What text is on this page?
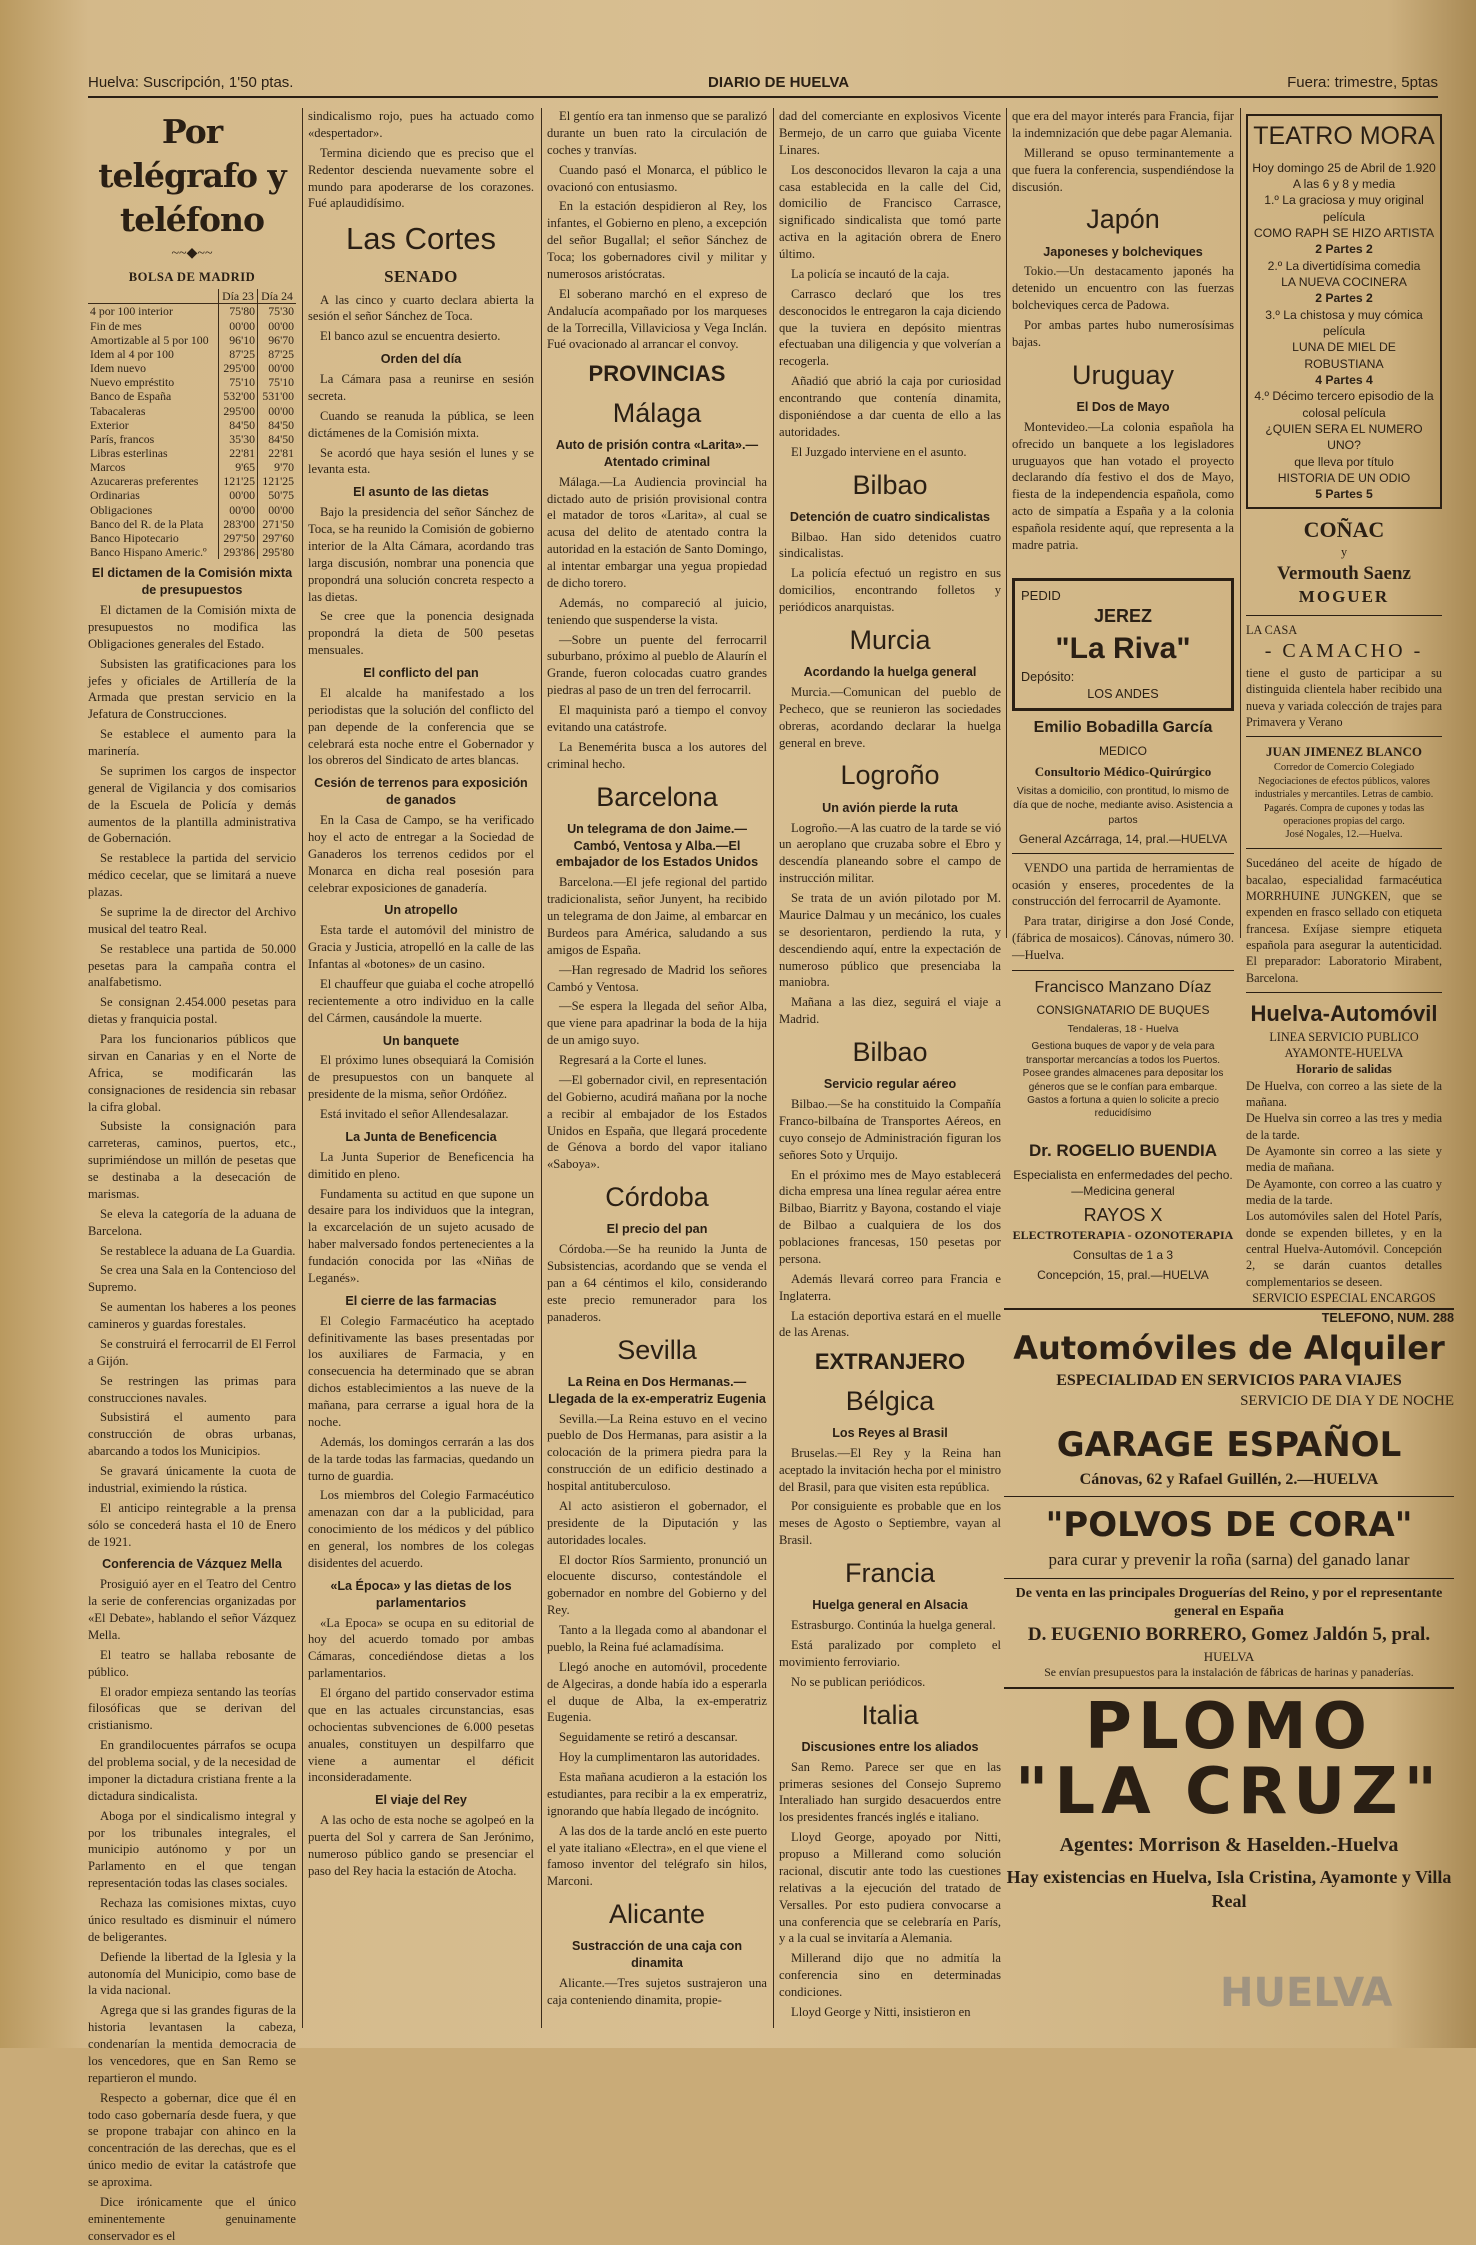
Huelva: Suscripción, 1'50 ptas.	DIARIO DE HUELVA	Fuera: trimestre, 5ptas
Por telégrafo y teléfono
~~◆~~
BOLSA DE MADRID
	Día 23	Día 24
4 por 100 interior	75'80	75'30
Fin de mes	00'00	00'00
Amortizable al 5 por 100	96'10	96'70
Idem al 4 por 100	87'25	87'25
Idem nuevo	295'00	00'00
Nuevo empréstito	75'10	75'10
Banco de España	532'00	531'00
Tabacaleras	295'00	00'00
Exterior	84'50	84'50
París, francos	35'30	84'50
Libras esterlinas	22'81	22'81
Marcos	9'65	9'70
Azucareras preferentes	121'25	121'25
Ordinarias	00'00	50'75
Obligaciones	00'00	00'00
Banco del R. de la Plata	283'00	271'50
Banco Hipotecario	297'50	297'60
Banco Hispano Americ.º	293'86	295'80
El dictamen de la Comisión mixta de presupuestos

El dictamen de la Comisión mixta de presupuestos no modifica las Obligaciones generales del Estado.

Subsisten las gratificaciones para los jefes y oficiales de Artillería de la Armada que prestan servicio en la Jefatura de Construcciones.

Se establece el aumento para la marinería.

Se suprimen los cargos de inspector general de Vigilancia y dos comisarios de la Escuela de Policía y demás aumentos de la plantilla administrativa de Gobernación.

Se restablece la partida del servicio médico cecelar, que se limitará a nueve plazas.

Se suprime la de director del Archivo musical del teatro Real.

Se restablece una partida de 50.000 pesetas para la campaña contra el analfabetismo.

Se consignan 2.454.000 pesetas para dietas y franquicia postal.

Para los funcionarios públicos que sirvan en Canarias y en el Norte de Africa, se modificarán las consignaciones de residencia sin rebasar la cifra global.

Subsiste la consignación para carreteras, caminos, puertos, etc., suprimiéndose un millón de pesetas que se destinaba a la desecación de marismas.

Se eleva la categoría de la aduana de Barcelona.

Se restablece la aduana de La Guardia.

Se crea una Sala en la Contencioso del Supremo.

Se aumentan los haberes a los peones camineros y guardas forestales.

Se construirá el ferrocarril de El Ferrol a Gijón.

Se restringen las primas para construcciones navales.

Subsistirá el aumento para construcción de obras urbanas, abarcando a todos los Municipios.

Se gravará únicamente la cuota de industrial, eximiendo la rústica.

El anticipo reintegrable a la prensa sólo se concederá hasta el 10 de Enero de 1921.

Conferencia de Vázquez Mella

Prosiguió ayer en el Teatro del Centro la serie de conferencias organizadas por «El Debate», hablando el señor Vázquez Mella.

El teatro se hallaba rebosante de público.

El orador empieza sentando las teorías filosóficas que se derivan del cristianismo.

En grandilocuentes párrafos se ocupa del problema social, y de la necesidad de imponer la dictadura cristiana frente a la dictadura sindicalista.

Aboga por el sindicalismo integral y por los tribunales integrales, el municipio autónomo y por un Parlamento en el que tengan representación todas las clases sociales.

Rechaza las comisiones mixtas, cuyo único resultado es disminuir el número de beligerantes.

Defiende la libertad de la Iglesia y la autonomía del Municipio, como base de la vida nacional.

Agrega que si las grandes figuras de la historia levantasen la cabeza, condenarían la mentida democracia de los vencedores, que en San Remo se repartieron el mundo.

Respecto a gobernar, dice que él en todo caso gobernaría desde fuera, y que se propone trabajar con ahinco en la concentración de las derechas, que es el único medio de evitar la catástrofe que se aproxima.

Dice irónicamente que el único eminentemente genuinamente conservador es el

sindicalismo rojo, pues ha actuado como «despertador».

Termina diciendo que es preciso que el Redentor descienda nuevamente sobre el mundo para apoderarse de los corazones. Fué aplaudidísimo.

Las Cortes
SENADO

A las cinco y cuarto declara abierta la sesión el señor Sánchez de Toca.

El banco azul se encuentra desierto.

Orden del día

La Cámara pasa a reunirse en sesión secreta.

Cuando se reanuda la pública, se leen dictámenes de la Comisión mixta.

Se acordó que haya sesión el lunes y se levanta esta.

El asunto de las dietas

Bajo la presidencia del señor Sánchez de Toca, se ha reunido la Comisión de gobierno interior de la Alta Cámara, acordando tras larga discusión, nombrar una ponencia que propondrá una solución concreta respecto a las dietas.

Se cree que la ponencia designada propondrá la dieta de 500 pesetas mensuales.

El conflicto del pan

El alcalde ha manifestado a los periodistas que la solución del conflicto del pan depende de la conferencia que se celebrará esta noche entre el Gobernador y los obreros del Sindicato de artes blancas.

Cesión de terrenos para exposición de ganados

En la Casa de Campo, se ha verificado hoy el acto de entregar a la Sociedad de Ganaderos los terrenos cedidos por el Monarca en dicha real posesión para celebrar exposiciones de ganadería.

Un atropello

Esta tarde el automóvil del ministro de Gracia y Justicia, atropelló en la calle de las Infantas al «botones» de un casino.

El chauffeur que guiaba el coche atropelló recientemente a otro individuo en la calle del Cármen, causándole la muerte.

Un banquete

El próximo lunes obsequiará la Comisión de presupuestos con un banquete al presidente de la misma, señor Ordóñez.

Está invitado el señor Allendesalazar.

La Junta de Beneficencia

La Junta Superior de Beneficencia ha dimitido en pleno.

Fundamenta su actitud en que supone un desaire para los individuos que la integran, la excarcelación de un sujeto acusado de haber malversado fondos pertenecientes a la fundación conocida por las «Niñas de Leganés».

El cierre de las farmacias

El Colegio Farmacéutico ha aceptado definitivamente las bases presentadas por los auxiliares de Farmacia, y en consecuencia ha determinado que se abran dichos establecimientos a las nueve de la mañana, para cerrarse a igual hora de la noche.

Además, los domingos cerrarán a las dos de la tarde todas las farmacias, quedando un turno de guardia.

Los miembros del Colegio Farmacéutico amenazan con dar a la publicidad, para conocimiento de los médicos y del público en general, los nombres de los colegas disidentes del acuerdo.

«La Época» y las dietas de los parlamentarios

«La Epoca» se ocupa en su editorial de hoy del acuerdo tomado por ambas Cámaras, concediéndose dietas a los parlamentarios.

El órgano del partido conservador estima que en las actuales circunstancias, esas ochocientas subvenciones de 6.000 pesetas anuales, constituyen un despilfarro que viene a aumentar el déficit inconsideradamente.

El viaje del Rey

A las ocho de esta noche se agolpeó en la puerta del Sol y carrera de San Jerónimo, numeroso público gando se presenciar el paso del Rey hacia la estación de Atocha.

El gentío era tan inmenso que se paralizó durante un buen rato la circulación de coches y tranvías.

Cuando pasó el Monarca, el público le ovacionó con entusiasmo.

En la estación despidieron al Rey, los infantes, el Gobierno en pleno, a excepción del señor Bugallal; el señor Sánchez de Toca; los gobernadores civil y militar y numerosos aristócratas.

El soberano marchó en el expreso de Andalucía acompañado por los marqueses de la Torrecilla, Villaviciosa y Vega Inclán. Fué ovacionado al arrancar el convoy.

PROVINCIAS
Málaga
Auto de prisión contra «Larita».—Atentado criminal

Málaga.—La Audiencia provincial ha dictado auto de prisión provisional contra el matador de toros «Larita», al cual se acusa del delito de atentado contra la autoridad en la estación de Santo Domingo, al intentar embargar una yegua propiedad de dicho torero.

Además, no compareció al juicio, teniendo que suspenderse la vista.

—Sobre un puente del ferrocarril suburbano, próximo al pueblo de Alaurín el Grande, fueron colocadas cuatro grandes piedras al paso de un tren del ferrocarril.

El maquinista paró a tiempo el convoy evitando una catástrofe.

La Benemérita busca a los autores del criminal hecho.

Barcelona
Un telegrama de don Jaime.—Cambó, Ventosa y Alba.—El embajador de los Estados Unidos

Barcelona.—El jefe regional del partido tradicionalista, señor Junyent, ha recibido un telegrama de don Jaime, al embarcar en Burdeos para América, saludando a sus amigos de España.

—Han regresado de Madrid los señores Cambó y Ventosa.

—Se espera la llegada del señor Alba, que viene para apadrinar la boda de la hija de un amigo suyo.

Regresará a la Corte el lunes.

—El gobernador civil, en representación del Gobierno, acudirá mañana por la noche a recibir al embajador de los Estados Unidos en España, que llegará procedente de Génova a bordo del vapor italiano «Saboya».

Córdoba
El precio del pan

Córdoba.—Se ha reunido la Junta de Subsistencias, acordando que se venda el pan a 64 céntimos el kilo, considerando este precio remunerador para los panaderos.

Sevilla
La Reina en Dos Hermanas.—Llegada de la ex-emperatriz Eugenia

Sevilla.—La Reina estuvo en el vecino pueblo de Dos Hermanas, para asistir a la colocación de la primera piedra para la construcción de un edificio destinado a hospital antituberculoso.

Al acto asistieron el gobernador, el presidente de la Diputación y las autoridades locales.

El doctor Ríos Sarmiento, pronunció un elocuente discurso, contestándole el gobernador en nombre del Gobierno y del Rey.

Tanto a la llegada como al abandonar el pueblo, la Reina fué aclamadísima.

Llegó anoche en automóvil, procedente de Algeciras, a donde había ido a esperarla el duque de Alba, la ex-emperatriz Eugenia.

Seguidamente se retiró a descansar.

Hoy la cumplimentaron las autoridades.

Esta mañana acudieron a la estación los estudiantes, para recibir a la ex emperatriz, ignorando que había llegado de incógnito.

A las dos de la tarde ancló en este puerto el yate italiano «Electra», en el que viene el famoso inventor del telégrafo sin hilos, Marconi.

Alicante
Sustracción de una caja con dinamita

Alicante.—Tres sujetos sustrajeron una caja conteniendo dinamita, propie-

dad del comerciante en explosivos Vicente Bermejo, de un carro que guiaba Vicente Linares.

Los desconocidos llevaron la caja a una casa establecida en la calle del Cid, domicilio de Francisco Carrasce, significado sindicalista que tomó parte activa en la agitación obrera de Enero último.

La policía se incautó de la caja.

Carrasco declaró que los tres desconocidos le entregaron la caja diciendo que la tuviera en depósito mientras efectuaban una diligencia y que volverían a recogerla.

Añadió que abrió la caja por curiosidad encontrando que contenía dinamita, disponiéndose a dar cuenta de ello a las autoridades.

El Juzgado interviene en el asunto.

Bilbao
Detención de cuatro sindicalistas

Bilbao. Han sido detenidos cuatro sindicalistas.

La policía efectuó un registro en sus domicilios, encontrando folletos y periódicos anarquistas.

Murcia
Acordando la huelga general

Murcia.—Comunican del pueblo de Pecheco, que se reunieron las sociedades obreras, acordando declarar la huelga general en breve.

Logroño
Un avión pierde la ruta

Logroño.—A las cuatro de la tarde se vió un aeroplano que cruzaba sobre el Ebro y descendía planeando sobre el campo de instrucción militar.

Se trata de un avión pilotado por M. Maurice Dalmau y un mecánico, los cuales se desorientaron, perdiendo la ruta, y descendiendo aquí, entre la expectación de numeroso público que presenciaba la maniobra.

Mañana a las diez, seguirá el viaje a Madrid.

Bilbao
Servicio regular aéreo

Bilbao.—Se ha constituido la Compañía Franco-bilbaína de Transportes Aéreos, en cuyo consejo de Administración figuran los señores Soto y Urquijo.

En el próximo mes de Mayo establecerá dicha empresa una línea regular aérea entre Bilbao, Biarritz y Bayona, costando el viaje de Bilbao a cualquiera de los dos poblaciones francesas, 150 pesetas por persona.

Además llevará correo para Francia e Inglaterra.

La estación deportiva estará en el muelle de las Arenas.

EXTRANJERO
Bélgica
Los Reyes al Brasil

Bruselas.—El Rey y la Reina han aceptado la invitación hecha por el ministro del Brasil, para que visiten esta república.

Por consiguiente es probable que en los meses de Agosto o Septiembre, vayan al Brasil.

Francia
Huelga general en Alsacia

Estrasburgo. Continúa la huelga general.

Está paralizado por completo el movimiento ferroviario.

No se publican periódicos.

Italia
Discusiones entre los aliados

San Remo. Parece ser que en las primeras sesiones del Consejo Supremo Interaliado han surgido desacuerdos entre los presidentes francés inglés e italiano.

Lloyd George, apoyado por Nitti, propuso a Millerand como solución racional, discutir ante todo las cuestiones relativas a la ejecución del tratado de Versalles. Por esto pudiera convocarse a una conferencia que se celebraría en París, y a la cual se invitaría a Alemania.

Millerand dijo que no admitía la conferencia sino en determinadas condiciones.

Lloyd George y Nitti, insistieron en

que era del mayor interés para Francia, fijar la indemnización que debe pagar Alemania.

Millerand se opuso terminantemente a que fuera la conferencia, suspendiéndose la discusión.

Japón
Japoneses y bolcheviques

Tokio.—Un destacamento japonés ha detenido un encuentro con las fuerzas bolcheviques cerca de Padowa.

Por ambas partes hubo numerosísimas bajas.

Uruguay
El Dos de Mayo

Montevideo.—La colonia española ha ofrecido un banquete a los legisladores uruguayos que han votado el proyecto declarando día festivo el dos de Mayo, fiesta de la independencia española, como acto de simpatía a España y a la colonia española residente aquí, que representa a la madre patria.

PEDID
JEREZ
"La Riva"
Depósito:
LOS ANDES
Emilio Bobadilla García
MEDICO
Consultorio Médico-Quirúrgico
Visitas a domicilio, con prontitud, lo mismo de día que de noche, mediante aviso. Asistencia a partos
General Azcárraga, 14, pral.—HUELVA

VENDO una partida de herramientas de ocasión y enseres, procedentes de la construcción del ferrocarril de Ayamonte.

Para tratar, dirigirse a don José Conde, (fábrica de mosaicos). Cánovas, número 30.—Huelva.

Francisco Manzano Díaz
CONSIGNATARIO DE BUQUES
Tendaleras, 18 - Huelva
Gestiona buques de vapor y de vela para transportar mercancías a todos los Puertos. Posee grandes almacenes para depositar los géneros que se le confían para embarque. Gastos a fortuna a quien lo solicite a precio reducidísimo
Dr. ROGELIO BUENDIA
Especialista en enfermedades del pecho.—Medicina general
RAYOS X
ELECTROTERAPIA - OZONOTERAPIA
Consultas de 1 a 3
Concepción, 15, pral.—HUELVA
TEATRO MORA
Hoy domingo 25 de Abril de 1.920
A las 6 y 8 y media
1.º La graciosa y muy original película
COMO RAPH SE HIZO ARTISTA
2 Partes 2
2.º La divertidísima comedia
LA NUEVA COCINERA
2 Partes 2
3.º La chistosa y muy cómica película
LUNA DE MIEL DE ROBUSTIANA
4 Partes 4
4.º Décimo tercero episodio de la colosal película
¿QUIEN SERA EL NUMERO UNO?
que lleva por título
HISTORIA DE UN ODIO
5 Partes 5
COÑAC
y
Vermouth Saenz
MOGUER
LA CASA
- CAMACHO -
tiene el gusto de participar a su distinguida clientela haber recibido una nueva y variada colección de trajes para Primavera y Verano
JUAN JIMENEZ BLANCO
Corredor de Comercio Colegiado
Negociaciones de efectos públicos, valores industriales y mercantiles. Letras de cambio. Pagarés. Compra de cupones y todas las operaciones propias del cargo.
José Nogales, 12.—Huelva.
Sucedáneo del aceite de hígado de bacalao, especialidad farmacéutica MORRHUINE JUNGKEN, que se expenden en frasco sellado con etiqueta francesa. Exíjase siempre etiqueta española para asegurar la autenticidad. El preparador: Laboratorio Mirabent, Barcelona.
Huelva-Automóvil
LINEA SERVICIO PUBLICO
AYAMONTE-HUELVA
Horario de salidas
De Huelva, con correo a las siete de la mañana.
De Huelva sin correo a las tres y media de la tarde.
De Ayamonte sin correo a las siete y media de mañana.
De Ayamonte, con correo a las cuatro y media de la tarde.
Los automóviles salen del Hotel París, donde se expenden billetes, y en la central Huelva-Automóvil. Concepción 2, se darán cuantos detalles complementarios se deseen.
SERVICIO ESPECIAL ENCARGOS
TELEFONO, NUM. 288
Automóviles de Alquiler
ESPECIALIDAD EN SERVICIOS PARA VIAJES
SERVICIO DE DIA Y DE NOCHE
GARAGE ESPAÑOL
Cánovas, 62 y Rafael Guillén, 2.—HUELVA
"POLVOS DE CORA"
para curar y prevenir la roña (sarna) del ganado lanar
De venta en las principales Droguerías del Reino, y por el representante general en España
D. EUGENIO BORRERO, Gomez Jaldón 5, pral.
HUELVA
Se envían presupuestos para la instalación de fábricas de harinas y panaderías.
PLOMO
"LA CRUZ"
Agentes: Morrison & Haselden.-Huelva
Hay existencias en Huelva, Isla Cristina, Ayamonte y Villa Real
HUELVA
